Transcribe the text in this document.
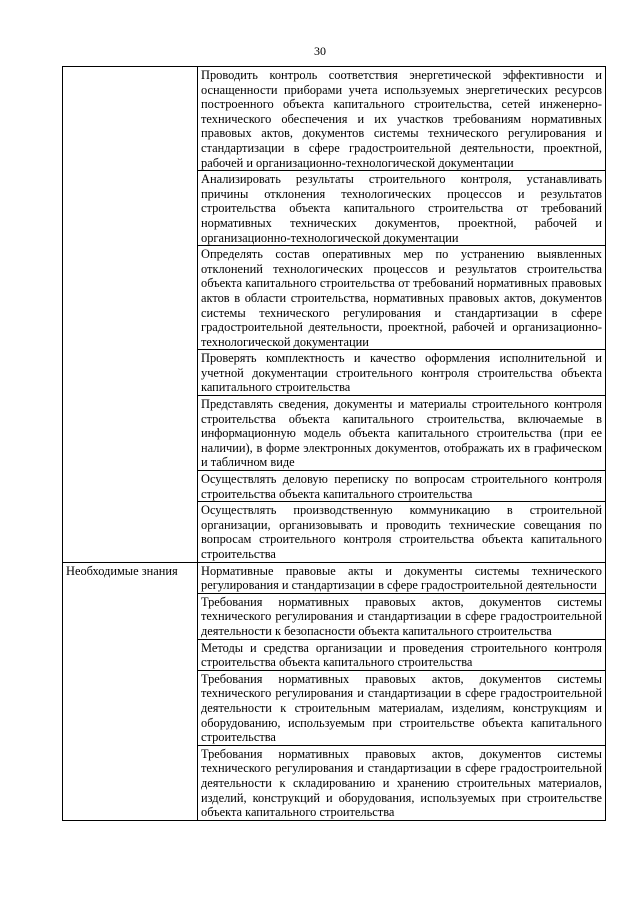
30
	Проводить контроль соответствия энергетической эффективности и оснащенности приборами учета используемых энергетических ресурсов построенного объекта капитального строительства, сетей инженерно-технического обеспечения и их участков требованиям нормативных правовых актов, документов системы технического регулирования и стандартизации в сфере градостроительной деятельности, проектной, рабочей и организационно-технологической документации
	Анализировать результаты строительного контроля, устанавливать причины отклонения технологических процессов и результатов строительства объекта капитального строительства от требований нормативных технических документов, проектной, рабочей и организационно-технологической документации
	Определять состав оперативных мер по устранению выявленных отклонений технологических процессов и результатов строительства объекта капитального строительства от требований нормативных правовых актов в области строительства, нормативных правовых актов, документов системы технического регулирования и стандартизации в сфере градостроительной деятельности, проектной, рабочей и организационно-технологической документации
	Проверять комплектность и качество оформления исполнительной и учетной документации строительного контроля строительства объекта капитального строительства
	Представлять сведения, документы и материалы строительного контроля строительства объекта капитального строительства, включаемые в информационную модель объекта капитального строительства (при ее наличии), в форме электронных документов, отображать их в графическом и табличном виде
	Осуществлять деловую переписку по вопросам строительного контроля строительства объекта капитального строительства
	Осуществлять производственную коммуникацию в строительной организации, организовывать и проводить технические совещания по вопросам строительного контроля строительства объекта капитального строительства
Необходимые знания	Нормативные правовые акты и документы системы технического регулирования и стандартизации в сфере градостроительной деятельности
	Требования нормативных правовых актов, документов системы технического регулирования и стандартизации в сфере градостроительной деятельности к безопасности объекта капитального строительства
	Методы и средства организации и проведения строительного контроля строительства объекта капитального строительства
	Требования нормативных правовых актов, документов системы технического регулирования и стандартизации в сфере градостроительной деятельности к строительным материалам, изделиям, конструкциям и оборудованию, используемым при строительстве объекта капитального строительства
	Требования нормативных правовых актов, документов системы технического регулирования и стандартизации в сфере градостроительной деятельности к складированию и хранению строительных материалов, изделий, конструкций и оборудования, используемых при строительстве объекта капитального строительства
